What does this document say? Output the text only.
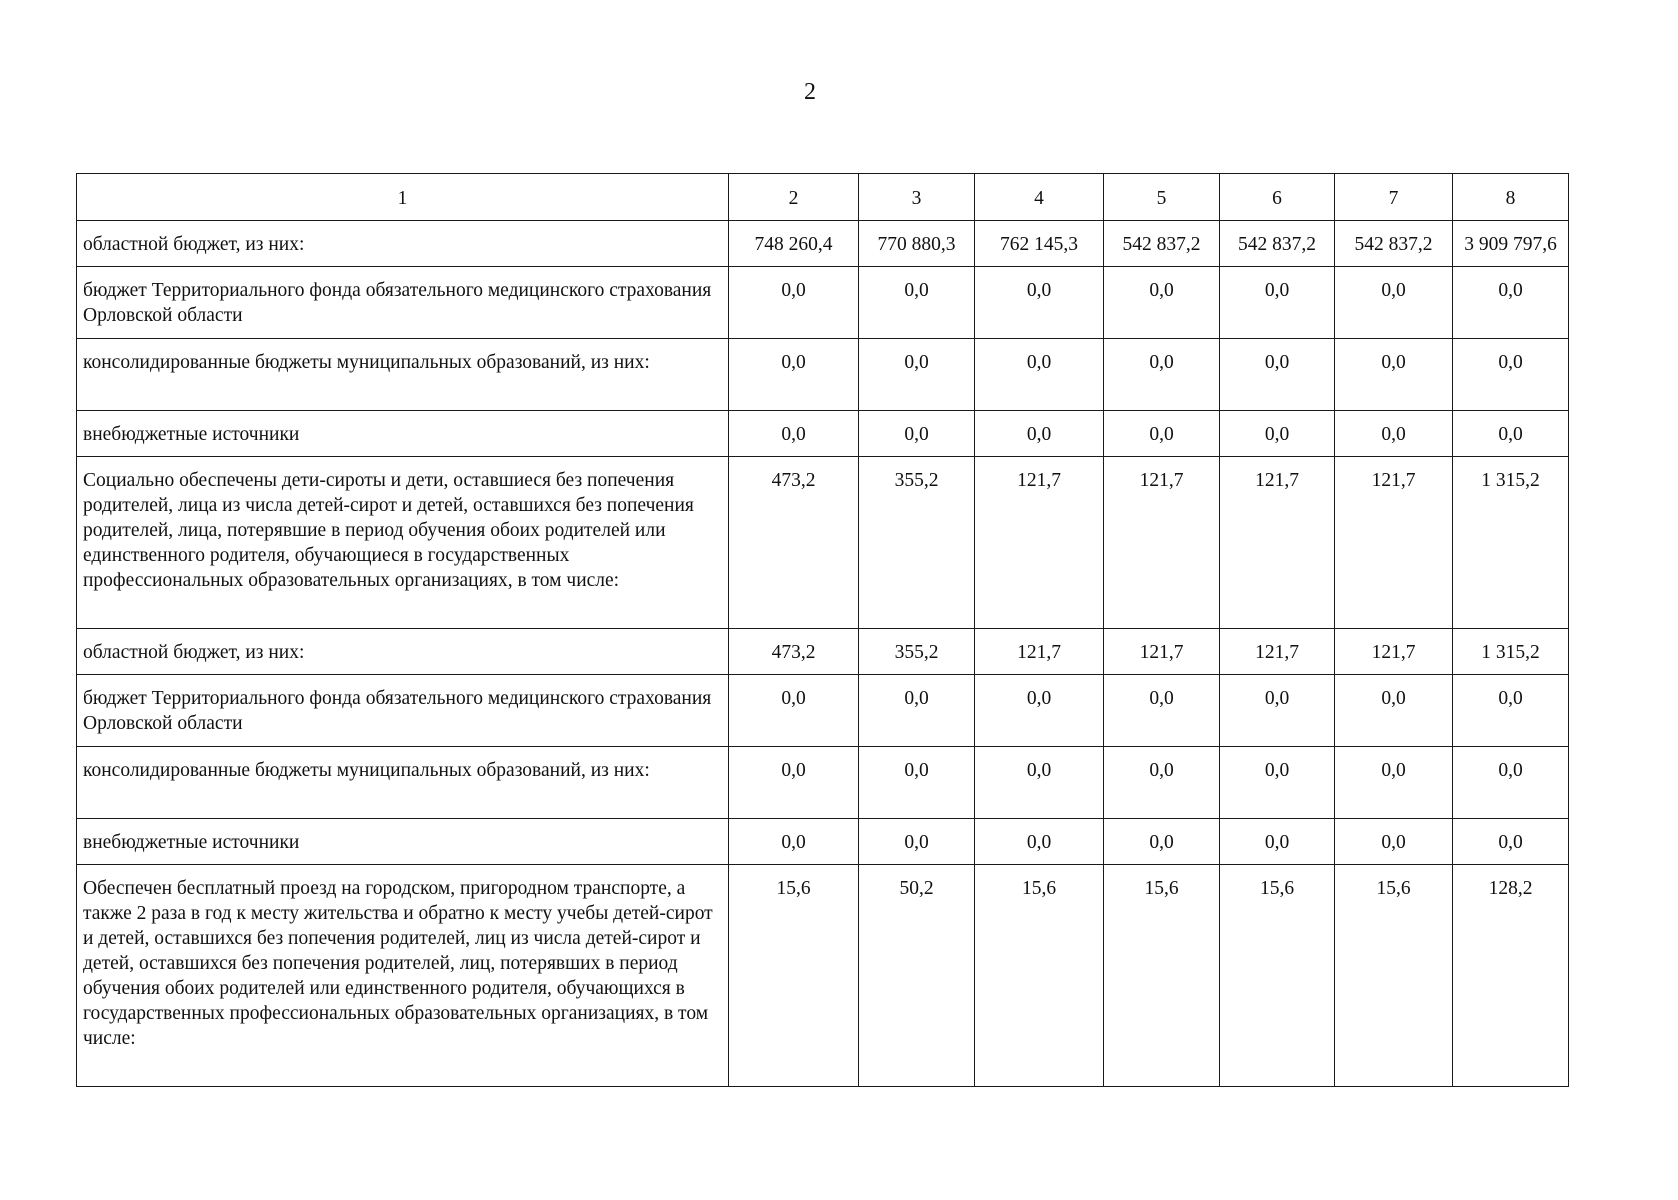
2
1	2	3	4	5	6	7	8
областной бюджет, из них:	748 260,4	770 880,3	762 145,3	542 837,2	542 837,2	542 837,2	3 909 797,6
бюджет Территориального фонда обязательного медицинского страхования Орловской области	0,0	0,0	0,0	0,0	0,0	0,0	0,0
консолидированные бюджеты муниципальных образований, из них:	0,0	0,0	0,0	0,0	0,0	0,0	0,0
внебюджетные источники	0,0	0,0	0,0	0,0	0,0	0,0	0,0
Социально обеспечены дети-сироты и дети, оставшиеся без попечения родителей, лица из числа детей-сирот и детей, оставшихся без попечения родителей, лица, потерявшие в период обучения обоих родителей или единственного родителя, обучающиеся в государственных профессиональных образовательных организациях, в том числе:	473,2	355,2	121,7	121,7	121,7	121,7	1 315,2
областной бюджет, из них:	473,2	355,2	121,7	121,7	121,7	121,7	1 315,2
бюджет Территориального фонда обязательного медицинского страхования Орловской области	0,0	0,0	0,0	0,0	0,0	0,0	0,0
консолидированные бюджеты муниципальных образований, из них:	0,0	0,0	0,0	0,0	0,0	0,0	0,0
внебюджетные источники	0,0	0,0	0,0	0,0	0,0	0,0	0,0
Обеспечен бесплатный проезд на городском, пригородном транспорте, а также 2 раза в год к месту жительства и обратно к месту учебы детей-сирот и детей, оставшихся без попечения родителей, лиц из числа детей-сирот и детей, оставшихся без попечения родителей, лиц, потерявших в период обучения обоих родителей или единственного родителя, обучающихся в государственных профессиональных образовательных организациях, в том числе:	15,6	50,2	15,6	15,6	15,6	15,6	128,2
